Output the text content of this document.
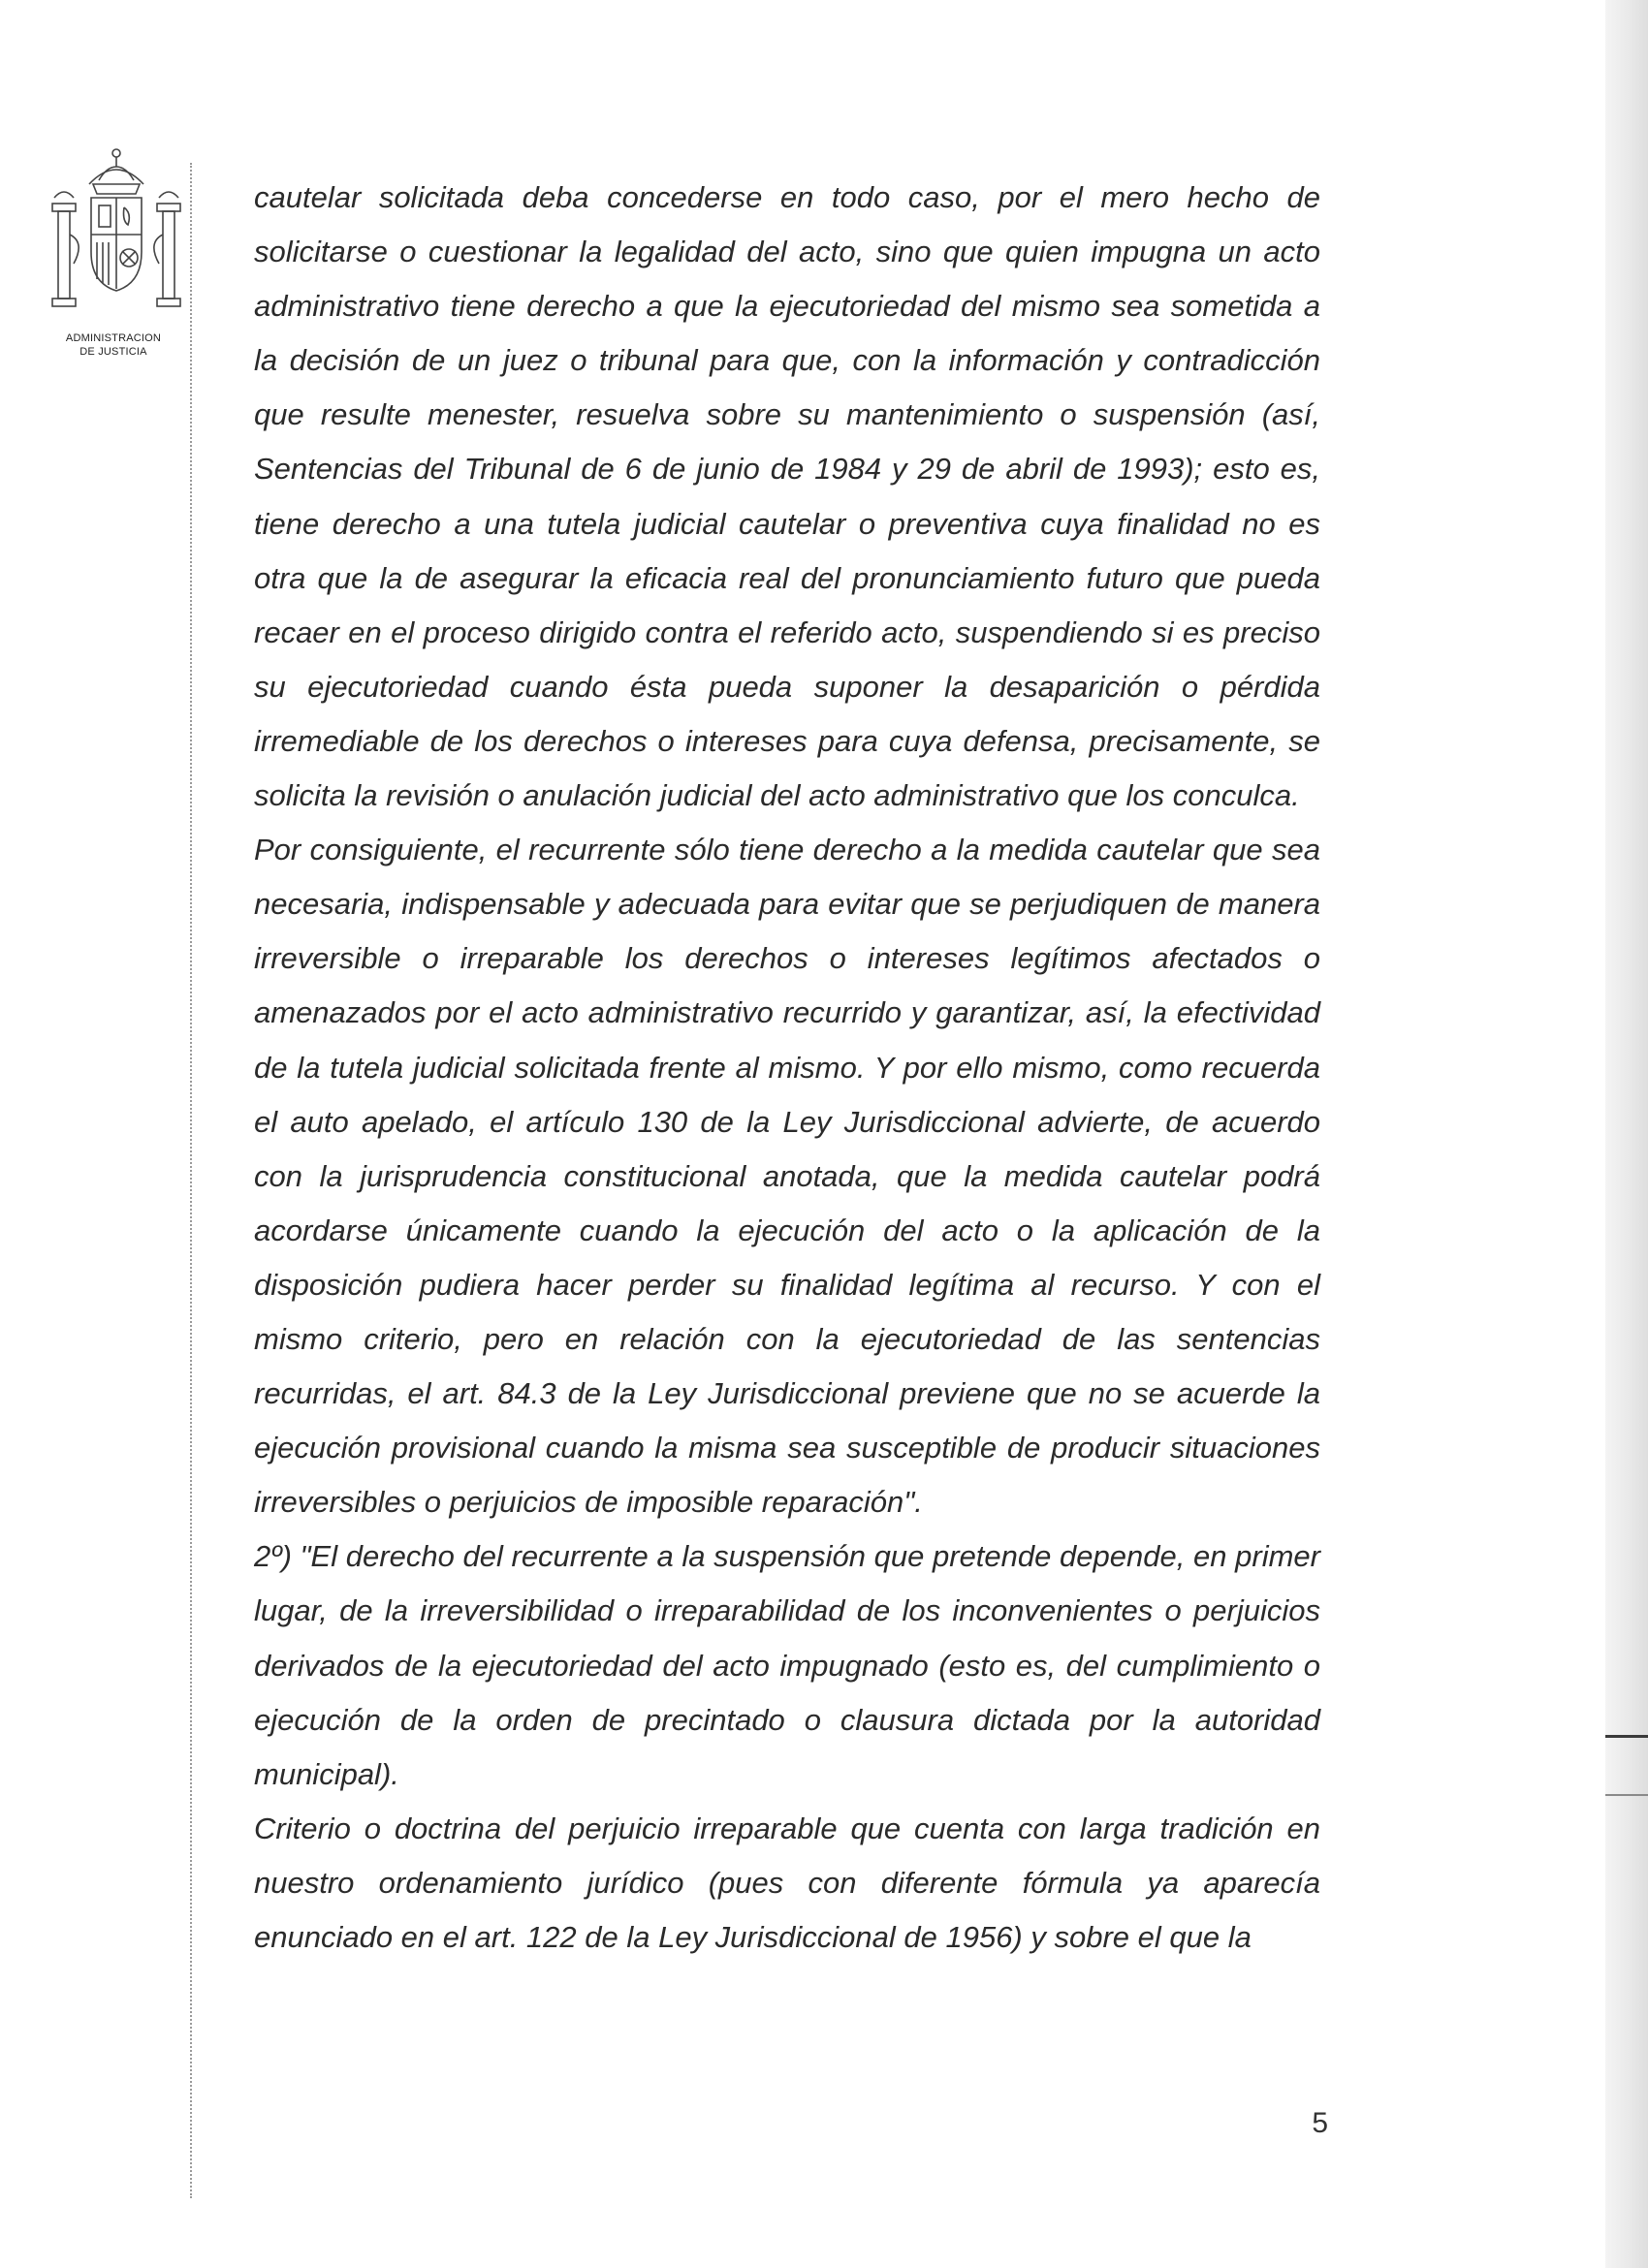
ADMINISTRACION
DE JUSTICIA

cautelar solicitada deba concederse en todo caso, por el mero hecho de solicitarse o cuestionar la legalidad del acto, sino que quien impugna un acto administrativo tiene derecho a que la ejecutoriedad del mismo sea sometida a la decisión de un juez o tribunal para que, con la información y contradicción que resulte menester, resuelva sobre su mantenimiento o suspensión (así, Sentencias del Tribunal de 6 de junio de 1984 y 29 de abril de 1993); esto es, tiene derecho a una tutela judicial cautelar o preventiva cuya finalidad no es otra que la de asegurar la eficacia real del pronunciamiento futuro que pueda recaer en el proceso dirigido contra el referido acto, suspendiendo si es preciso su ejecutoriedad cuando ésta pueda suponer la desaparición o pérdida irremediable de los derechos o intereses para cuya defensa, precisamente, se solicita la revisión o anulación judicial del acto administrativo que los conculca.

Por consiguiente, el recurrente sólo tiene derecho a la medida cautelar que sea necesaria, indispensable y adecuada para evitar que se perjudiquen de manera irreversible o irreparable los derechos o intereses legítimos afectados o amenazados por el acto administrativo recurrido y garantizar, así, la efectividad de la tutela judicial solicitada frente al mismo. Y por ello mismo, como recuerda el auto apelado, el artículo 130 de la Ley Jurisdiccional advierte, de acuerdo con la jurisprudencia constitucional anotada, que la medida cautelar podrá acordarse únicamente cuando la ejecución del acto o la aplicación de la disposición pudiera hacer perder su finalidad legítima al recurso. Y con el mismo criterio, pero en relación con la ejecutoriedad de las sentencias recurridas, el art. 84.3 de la Ley Jurisdiccional previene que no se acuerde la ejecución provisional cuando la misma sea susceptible de producir situaciones irreversibles o perjuicios de imposible reparación".

2º) "El derecho del recurrente a la suspensión que pretende depende, en primer lugar, de la irreversibilidad o irreparabilidad de los inconvenientes o perjuicios derivados de la ejecutoriedad del acto impugnado (esto es, del cumplimiento o ejecución de la orden de precintado o clausura dictada por la autoridad municipal).

Criterio o doctrina del perjuicio irreparable que cuenta con larga tradición en nuestro ordenamiento jurídico (pues con diferente fórmula ya aparecía enunciado en el art. 122 de la Ley Jurisdiccional de 1956) y sobre el que la

5
